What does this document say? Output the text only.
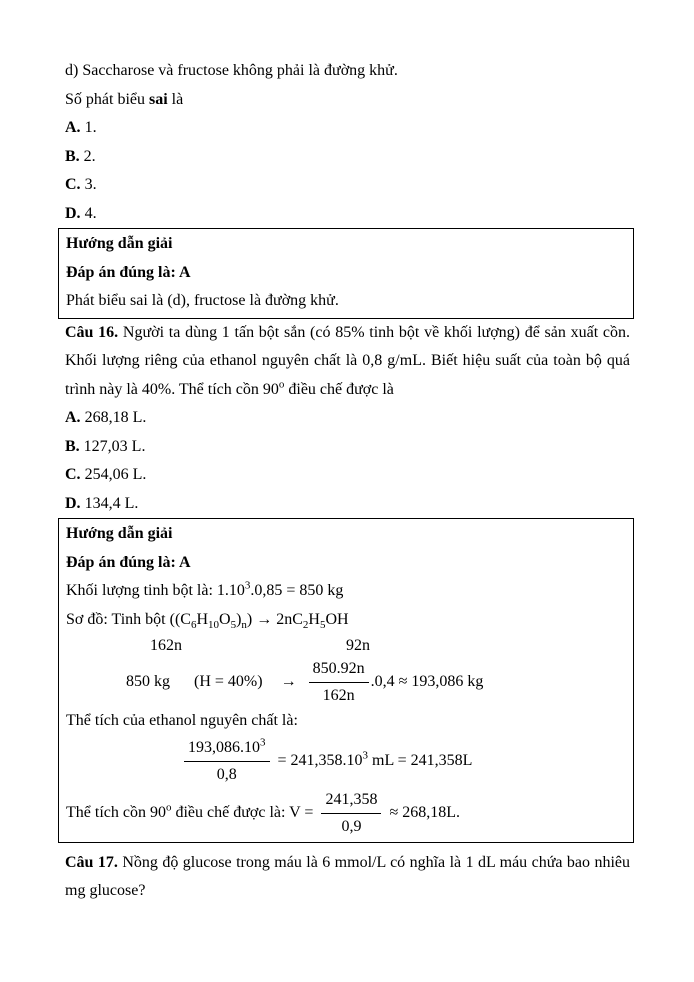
d) Saccharose và fructose không phải là đường khử.

Số phát biểu sai là

A. 1.

B. 2.

C. 3.

D. 4.

Hướng dẫn giải

Đáp án đúng là: A

Phát biểu sai là (d), fructose là đường khử.

Câu 16. Người ta dùng 1 tấn bột sắn (có 85% tinh bột về khối lượng) để sản xuất cồn. Khối lượng riêng của ethanol nguyên chất là 0,8 g/mL. Biết hiệu suất của toàn bộ quá trình này là 40%. Thể tích cồn 90$^o$ điều chế được là

A. 268,18 L.

B. 127,03 L.

C. 254,06 L.

D. 134,4 L.

Hướng dẫn giải

Đáp án đúng là: A

Khối lượng tinh bột là: $1.10^3.0,85 = 850$ kg

Sơ đồ: Tinh bột $((C_6H_{10}O_5)_n) \to 2nC_2H_5OH$

162n	92n

850 kg $(H = 40\%) \to \frac{850.92n}{162n} .0,4 \approx 193,086$ kg

Thể tích của ethanol nguyên chất là:

$\frac{193,086.10^3}{0,8} = 241,358.10^3$ mL = 241,358L
Thể tích cồn 90$^o$ điều chế được là: $V = \frac{241,358}{0,9} \approx 268,18L$.

Câu 17. Nồng độ glucose trong máu là 6 mmol/L có nghĩa là 1 dL máu chứa bao nhiêu mg glucose?
